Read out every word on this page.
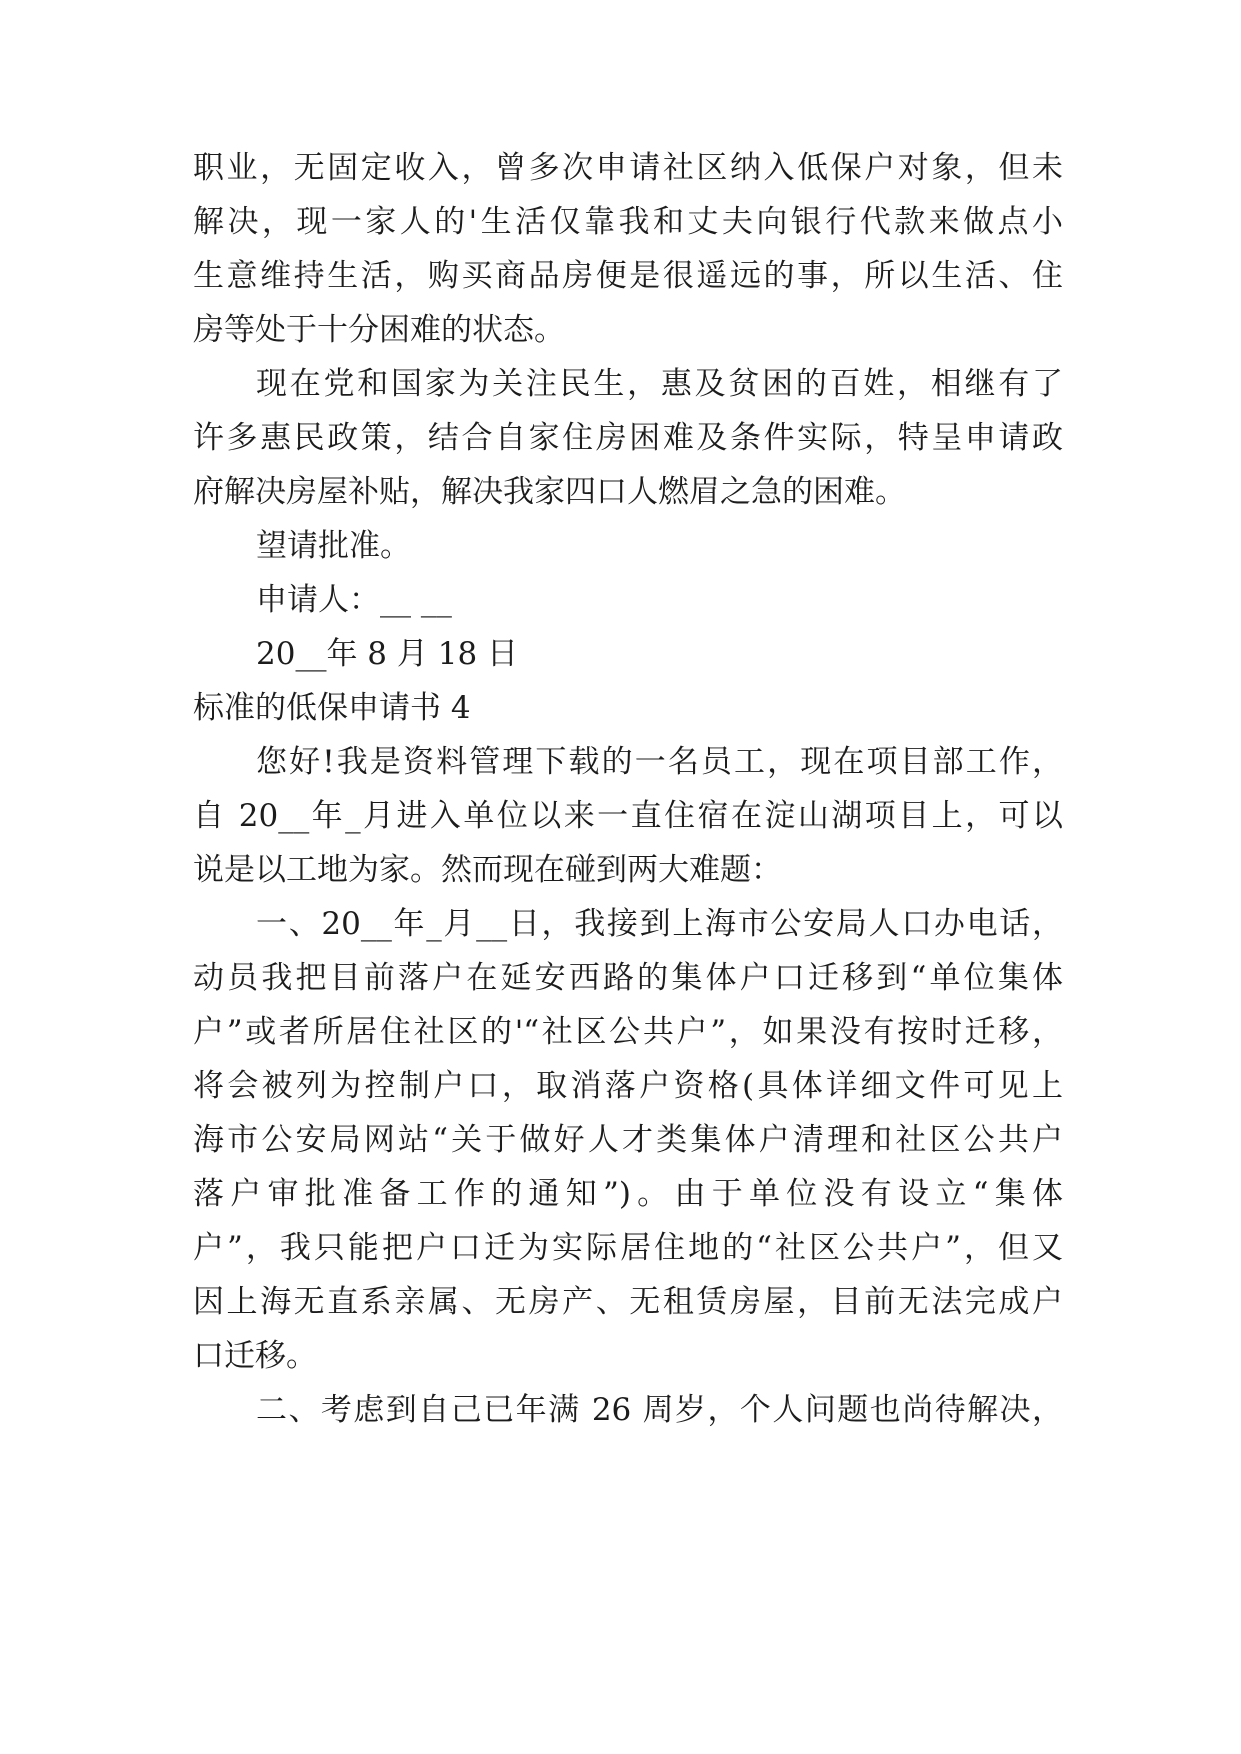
职业，无固定收入，曾多次申请社区纳入低保户对象，但未
解决，现一家人的'生活仅靠我和丈夫向银行代款来做点小
生意维持生活，购买商品房便是很遥远的事，所以生活、住
房等处于十分困难的状态。
现在党和国家为关注民生，惠及贫困的百姓，相继有了
许多惠民政策，结合自家住房困难及条件实际，特呈申请政
府解决房屋补贴，解决我家四口人燃眉之急的困难。
望请批准。
申请人：__ __
20__年 8 月 18 日
标准的低保申请书 4
您好!我是资料管理下载的一名员工，现在项目部工作，
自 20__年_月进入单位以来一直住宿在淀山湖项目上，可以
说是以工地为家。然而现在碰到两大难题：
一、20__年_月__日，我接到上海市公安局人口办电话，
动员我把目前落户在延安西路的集体户口迁移到“单位集体
户”或者所居住社区的'“社区公共户”，如果没有按时迁移，
将会被列为控制户口，取消落户资格(具体详细文件可见上
海市公安局网站“关于做好人才类集体户清理和社区公共户
落户审批准备工作的通知”)。由于单位没有设立“集体
户”，我只能把户口迁为实际居住地的“社区公共户”，但又
因上海无直系亲属、无房产、无租赁房屋，目前无法完成户
口迁移。
二、考虑到自己已年满 26 周岁，个人问题也尚待解决，
